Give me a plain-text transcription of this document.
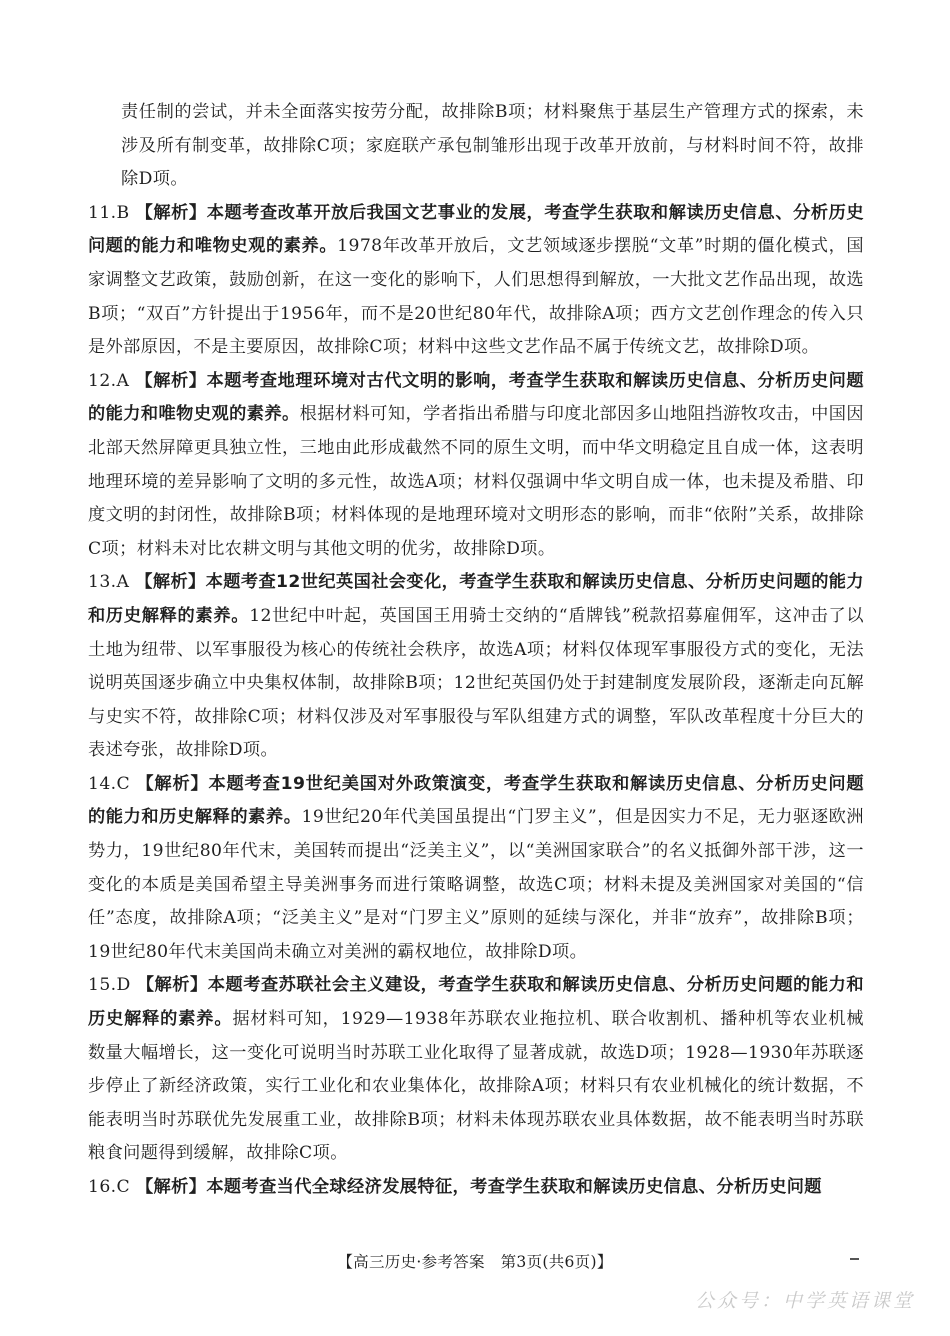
责任制的尝试，并未全面落实按劳分配，故排除B项；材料聚焦于基层生产管理方式的探索，未涉及所有制变革，故排除C项；家庭联产承包制雏形出现于改革开放前，与材料时间不符，故排除D项。
11.B 【解析】本题考查改革开放后我国文艺事业的发展，考查学生获取和解读历史信息、分析历史问题的能力和唯物史观的素养。1978年改革开放后，文艺领域逐步摆脱“文革”时期的僵化模式，国家调整文艺政策，鼓励创新，在这一变化的影响下，人们思想得到解放，一大批文艺作品出现，故选B项；“双百”方针提出于1956年，而不是20世纪80年代，故排除A项；西方文艺创作理念的传入只是外部原因，不是主要原因，故排除C项；材料中这些文艺作品不属于传统文艺，故排除D项。
12.A 【解析】本题考查地理环境对古代文明的影响，考查学生获取和解读历史信息、分析历史问题的能力和唯物史观的素养。根据材料可知，学者指出希腊与印度北部因多山地阻挡游牧攻击，中国因北部天然屏障更具独立性，三地由此形成截然不同的原生文明，而中华文明稳定且自成一体，这表明地理环境的差异影响了文明的多元性，故选A项；材料仅强调中华文明自成一体，也未提及希腊、印度文明的封闭性，故排除B项；材料体现的是地理环境对文明形态的影响，而非“依附”关系，故排除C项；材料未对比农耕文明与其他文明的优劣，故排除D项。
13.A 【解析】本题考查12世纪英国社会变化，考查学生获取和解读历史信息、分析历史问题的能力和历史解释的素养。12世纪中叶起，英国国王用骑士交纳的“盾牌钱”税款招募雇佣军，这冲击了以土地为纽带、以军事服役为核心的传统社会秩序，故选A项；材料仅体现军事服役方式的变化，无法说明英国逐步确立中央集权体制，故排除B项；12世纪英国仍处于封建制度发展阶段，逐渐走向瓦解与史实不符，故排除C项；材料仅涉及对军事服役与军队组建方式的调整，军队改革程度十分巨大的表述夸张，故排除D项。
14.C 【解析】本题考查19世纪美国对外政策演变，考查学生获取和解读历史信息、分析历史问题的能力和历史解释的素养。19世纪20年代美国虽提出“门罗主义”，但是因实力不足，无力驱逐欧洲势力，19世纪80年代末，美国转而提出“泛美主义”，以“美洲国家联合”的名义抵御外部干涉，这一变化的本质是美国希望主导美洲事务而进行策略调整，故选C项；材料未提及美洲国家对美国的“信任”态度，故排除A项；“泛美主义”是对“门罗主义”原则的延续与深化，并非“放弃”，故排除B项；19世纪80年代末美国尚未确立对美洲的霸权地位，故排除D项。
15.D 【解析】本题考查苏联社会主义建设，考查学生获取和解读历史信息、分析历史问题的能力和历史解释的素养。据材料可知，1929—1938年苏联农业拖拉机、联合收割机、播种机等农业机械数量大幅增长，这一变化可说明当时苏联工业化取得了显著成就，故选D项；1928—1930年苏联逐步停止了新经济政策，实行工业化和农业集体化，故排除A项；材料只有农业机械化的统计数据，不能表明当时苏联优先发展重工业，故排除B项；材料未体现苏联农业具体数据，故不能表明当时苏联粮食问题得到缓解，故排除C项。
16.C 【解析】本题考查当代全球经济发展特征，考查学生获取和解读历史信息、分析历史问题
【高三历史·参考答案　第3页(共6页)】
公众号：中学英语课堂
